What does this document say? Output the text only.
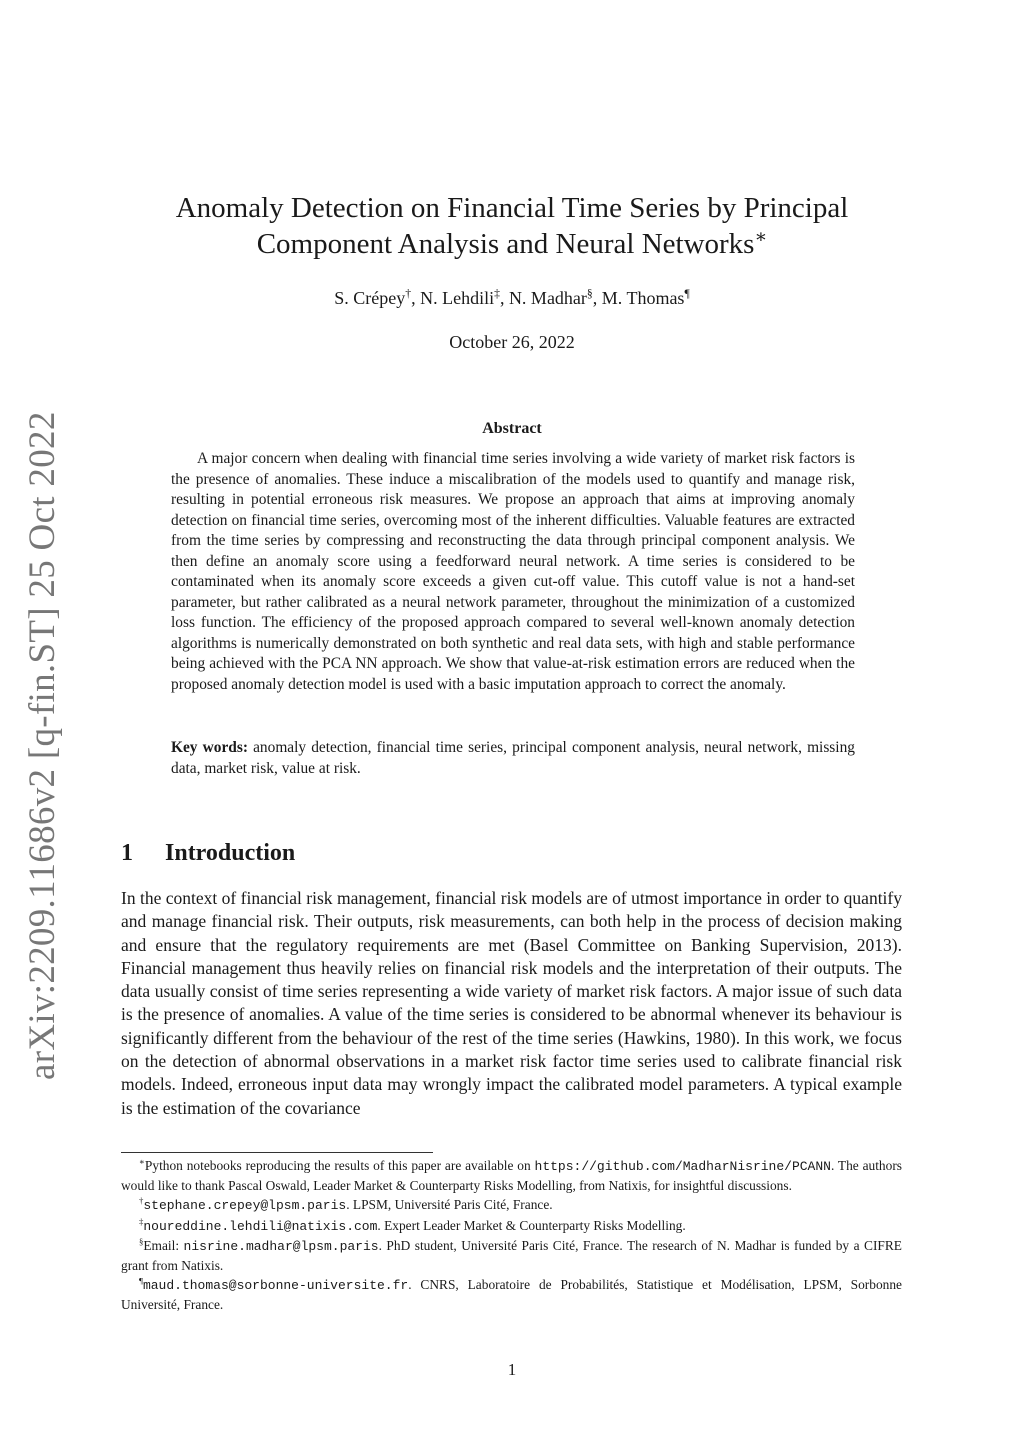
arXiv:2209.11686v2 [q-fin.ST] 25 Oct 2022
Anomaly Detection on Financial Time Series by Principal
Component Analysis and Neural Networks∗
S. Crépey†, N. Lehdili‡, N. Madhar§, M. Thomas¶
October 26, 2022
Abstract

A major concern when dealing with financial time series involving a wide variety of market risk factors is the presence of anomalies. These induce a miscalibration of the models used to quantify and manage risk, resulting in potential erroneous risk measures. We propose an approach that aims at improving anomaly detection on financial time series, overcoming most of the inherent difficulties. Valuable features are extracted from the time series by compressing and reconstructing the data through principal component analysis. We then define an anomaly score using a feedforward neural network. A time series is considered to be contaminated when its anomaly score exceeds a given cut-off value. This cutoff value is not a hand-set parameter, but rather calibrated as a neural network parameter, throughout the minimization of a customized loss function. The efficiency of the proposed approach compared to several well-known anomaly detection algorithms is numerically demonstrated on both synthetic and real data sets, with high and stable performance being achieved with the PCA NN approach. We show that value-at-risk estimation errors are reduced when the proposed anomaly detection model is used with a basic imputation approach to correct the anomaly.

Key words: anomaly detection, financial time series, principal component analysis, neural network, missing data, market risk, value at risk.
1 Introduction

In the context of financial risk management, financial risk models are of utmost importance in order to quantify and manage financial risk. Their outputs, risk measurements, can both help in the process of decision making and ensure that the regulatory requirements are met (Basel Committee on Banking Supervision, 2013). Financial management thus heavily relies on financial risk models and the interpretation of their outputs. The data usually consist of time series representing a wide variety of market risk factors. A major issue of such data is the presence of anomalies. A value of the time series is considered to be abnormal whenever its behaviour is significantly different from the behaviour of the rest of the time series (Hawkins, 1980). In this work, we focus on the detection of abnormal observations in a market risk factor time series used to calibrate financial risk models. Indeed, erroneous input data may wrongly impact the calibrated model parameters. A typical example is the estimation of the covariance

∗Python notebooks reproducing the results of this paper are available on https://github.com/MadharNisrine/PCANN. The authors would like to thank Pascal Oswald, Leader Market & Counterparty Risks Modelling, from Natixis, for insightful discussions.

†stephane.crepey@lpsm.paris. LPSM, Université Paris Cité, France.

‡noureddine.lehdili@natixis.com. Expert Leader Market & Counterparty Risks Modelling.

§Email: nisrine.madhar@lpsm.paris. PhD student, Université Paris Cité, France. The research of N. Madhar is funded by a CIFRE grant from Natixis.

¶maud.thomas@sorbonne-universite.fr. CNRS, Laboratoire de Probabilités, Statistique et Modélisation, LPSM, Sorbonne Université, France.

1
